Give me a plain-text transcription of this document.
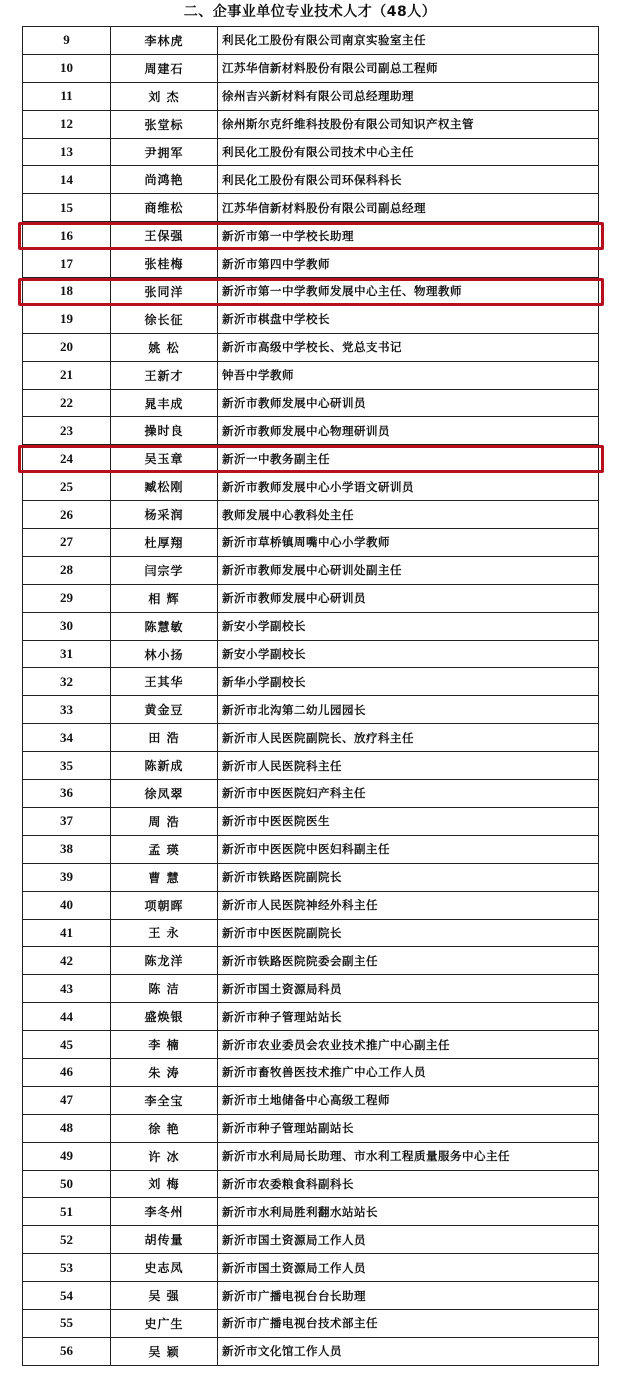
二、企事业单位专业技术人才（48人）
9	李林虎	利民化工股份有限公司南京实验室主任
10	周建石	江苏华信新材料股份有限公司副总工程师
11	刘 杰	徐州吉兴新材料有限公司总经理助理
12	张堂标	徐州斯尔克纤维科技股份有限公司知识产权主管
13	尹拥军	利民化工股份有限公司技术中心主任
14	尚鸿艳	利民化工股份有限公司环保科科长
15	商维松	江苏华信新材料股份有限公司副总经理
16	王保强	新沂市第一中学校长助理
17	张桂梅	新沂市第四中学教师
18	张同洋	新沂市第一中学教师发展中心主任、物理教师
19	徐长征	新沂市棋盘中学校长
20	姚 松	新沂市高级中学校长、党总支书记
21	王新才	钟吾中学教师
22	晁丰成	新沂市教师发展中心研训员
23	操时良	新沂市教师发展中心物理研训员
24	吴玉章	新沂一中教务副主任
25	臧松刚	新沂市教师发展中心小学语文研训员
26	杨采润	教师发展中心教科处主任
27	杜厚翔	新沂市草桥镇周嘴中心小学教师
28	闫宗学	新沂市教师发展中心研训处副主任
29	相 辉	新沂市教师发展中心研训员
30	陈慧敏	新安小学副校长
31	林小扬	新安小学副校长
32	王其华	新华小学副校长
33	黄金豆	新沂市北沟第二幼儿园园长
34	田 浩	新沂市人民医院副院长、放疗科主任
35	陈新成	新沂市人民医院科主任
36	徐凤翠	新沂市中医医院妇产科主任
37	周 浩	新沂市中医医院医生
38	孟 瑛	新沂市中医医院中医妇科副主任
39	曹 慧	新沂市铁路医院副院长
40	项朝晖	新沂市人民医院神经外科主任
41	王 永	新沂市中医医院副院长
42	陈龙洋	新沂市铁路医院院委会副主任
43	陈 洁	新沂市国土资源局科员
44	盛焕银	新沂市种子管理站站长
45	李 楠	新沂市农业委员会农业技术推广中心副主任
46	朱 涛	新沂市畜牧兽医技术推广中心工作人员
47	李全宝	新沂市土地储备中心高级工程师
48	徐 艳	新沂市种子管理站副站长
49	许 冰	新沂市水利局局长助理、市水利工程质量服务中心主任
50	刘 梅	新沂市农委粮食科副科长
51	李冬州	新沂市水利局胜利翻水站站长
52	胡传量	新沂市国土资源局工作人员
53	史志凤	新沂市国土资源局工作人员
54	吴 强	新沂市广播电视台台长助理
55	史广生	新沂市广播电视台技术部主任
56	吴 颖	新沂市文化馆工作人员
